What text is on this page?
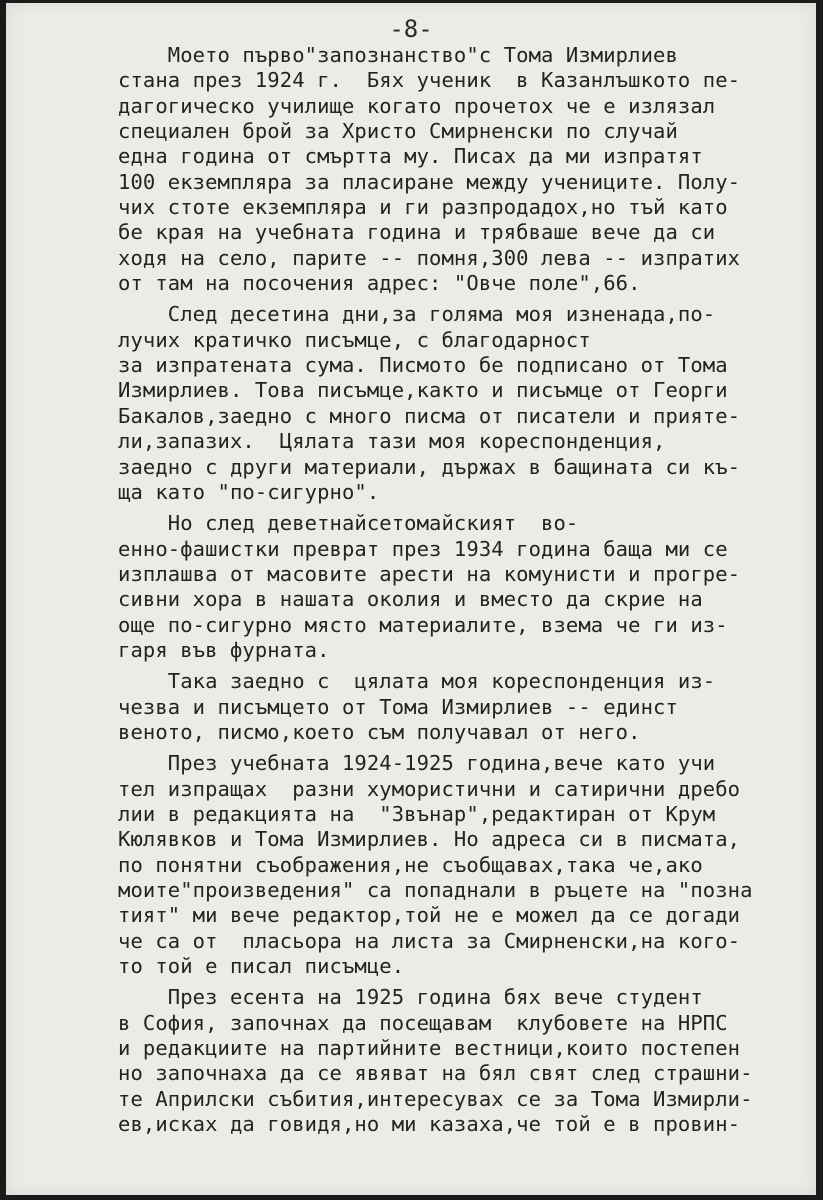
-8-
Моето първо"запознанство"с Тома Измирлиев
стана през 1924 г.  Бях ученик  в Казанлъшкото пе-
дагогическо училище когато прочетох че е излязал
специален брой за Христо Смирненски по случай
една година от смъртта му. Писах да ми изпратят
100 екземпляра за пласиране между учениците. Полу-
чих стоте екземпляра и ги разпродадох,но тъй като
бе края на учебната година и трябваше вече да си
ходя на село, парите -- помня,300 лева -- изпратих
от там на посочения адрес: "Овче поле",66.
След десетина дни,за голяма моя изненада,по-
лучих кратичко писъмце, с благодарност
за изпратената сума. Писмото бе подписано от Тома
Измирлиев. Това писъмце,както и писъмце от Георги
Бакалов,заедно с много писма от писатели и прияте-
ли,запазих.  Цялата тази моя кореспонденция,
заедно с други материали, държах в бащината си къ-
ща като "по-сигурно".
Но след деветнайсетомайският  во-
енно-фашистки преврат през 1934 година баща ми се
изплашва от масовите арести на комунисти и прогре-
сивни хора в нашата околия и вместо да скрие на
още по-сигурно място материалите, взема че ги из-
гаря във фурната.
Така заедно с  цялата моя кореспонденция из-
чезва и писъмцето от Тома Измирлиев -- единст
веното, писмо,което съм получавал от него.
През учебната 1924-1925 година,вече като учи
тел изпращах  разни хумористични и сатирични дребо
лии в редакцията на  "Звънар",редактиран от Крум
Кюлявков и Тома Измирлиев. Но адреса си в писмата,
по понятни съображения,не съобщавах,така че,ако
моите"произведения" са попаднали в ръцете на "позна
тият" ми вече редактор,той не е можел да се догади
че са от  пласьора на листа за Смирненски,на кого-
то той е писал писъмце.
През есента на 1925 година бях вече студент
в София, започнах да посещавам  клубовете на НРПС
и редакциите на партийните вестници,които постепен
но започнаха да се явяват на бял свят след страшни-
те Априлски събития,интересувах се за Тома Измирли-
ев,исках да говидя,но ми казаха,че той е в провин-
